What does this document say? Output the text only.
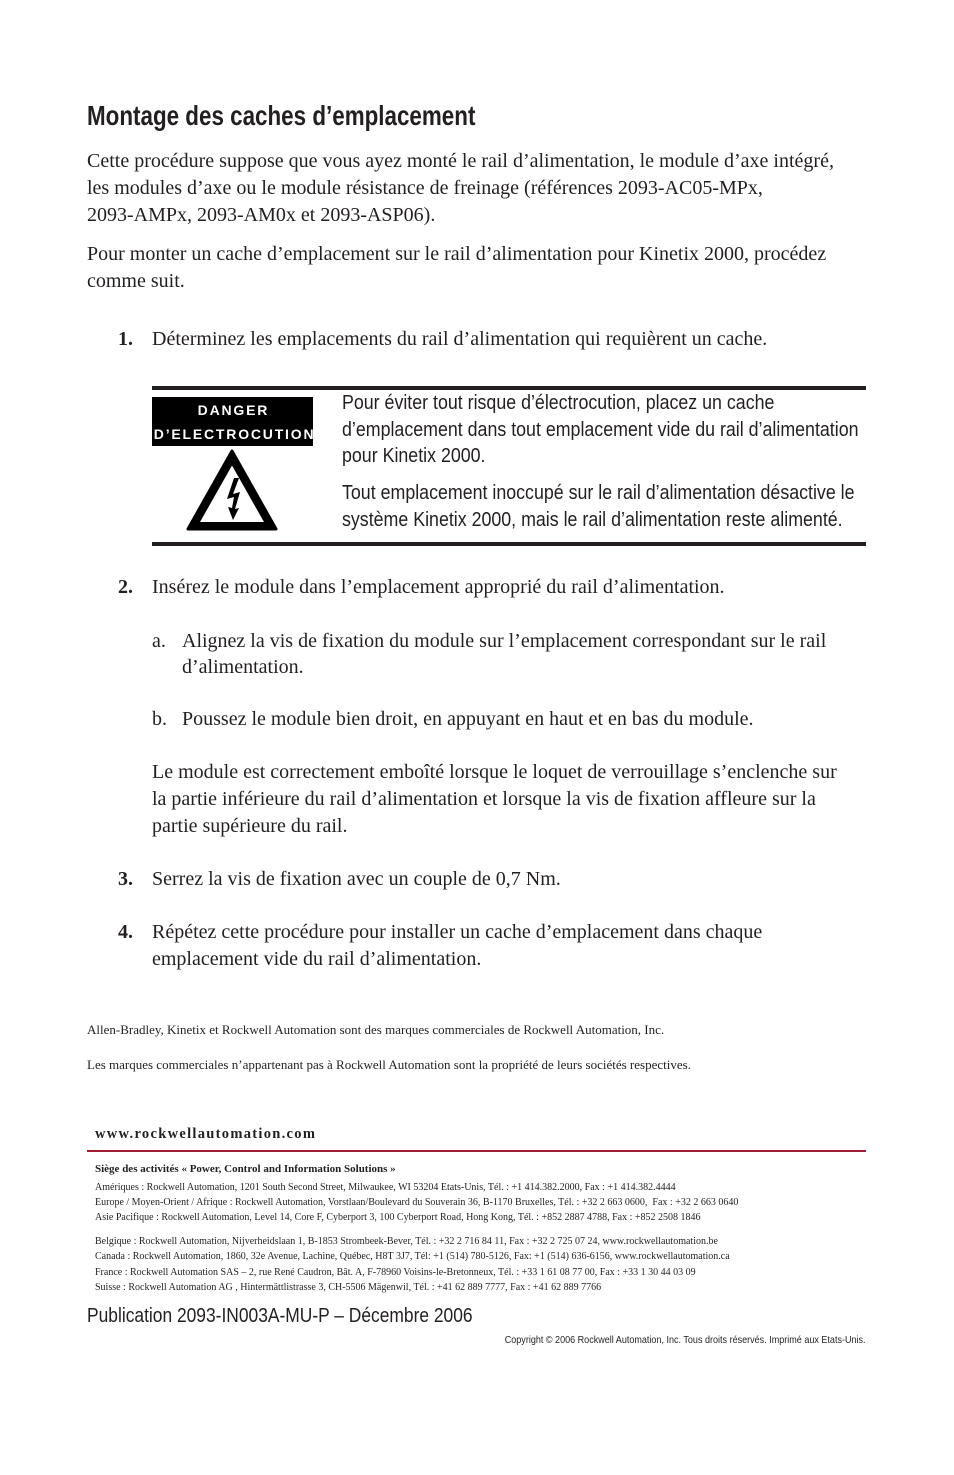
Montage des caches d’emplacement
Cette procédure suppose que vous ayez monté le rail d’alimentation, le module d’axe intégré,
les modules d’axe ou le module résistance de freinage (références 2093-AC05-MPx,
2093-AMPx, 2093-AM0x et 2093-ASP06).
Pour monter un cache d’emplacement sur le rail d’alimentation pour Kinetix 2000, procédez
comme suit.
1. Déterminez les emplacements du rail d’alimentation qui requièrent un cache.
DANGER
D’ELECTROCUTION
Pour éviter tout risque d’électrocution, placez un cache
d’emplacement dans tout emplacement vide du rail d’alimentation
pour Kinetix 2000.
Tout emplacement inoccupé sur le rail d’alimentation désactive le
système Kinetix 2000, mais le rail d’alimentation reste alimenté.
2. Insérez le module dans l’emplacement approprié du rail d’alimentation.
a. Alignez la vis de fixation du module sur l’emplacement correspondant sur le rail
d’alimentation.
b. Poussez le module bien droit, en appuyant en haut et en bas du module.
Le module est correctement emboîté lorsque le loquet de verrouillage s’enclenche sur
la partie inférieure du rail d’alimentation et lorsque la vis de fixation affleure sur la
partie supérieure du rail.
3. Serrez la vis de fixation avec un couple de 0,7 Nm.
4. Répétez cette procédure pour installer un cache d’emplacement dans chaque
emplacement vide du rail d’alimentation.
Allen-Bradley, Kinetix et Rockwell Automation sont des marques commerciales de Rockwell Automation, Inc.
Les marques commerciales n’appartenant pas à Rockwell Automation sont la propriété de leurs sociétés respectives.
www.rockwellautomation.com
Siège des activités « Power, Control and Information Solutions »
Amériques : Rockwell Automation, 1201 South Second Street, Milwaukee, WI 53204 Etats-Unis, Tél. : +1 414.382.2000, Fax : +1 414.382.4444
Europe / Moyen-Orient / Afrique : Rockwell Automation, Vorstlaan/Boulevard du Souverain 36, B-1170 Bruxelles, Tél. : +32 2 663 0600,  Fax : +32 2 663 0640
Asie Pacifique : Rockwell Automation, Level 14, Core F, Cyberport 3, 100 Cyberport Road, Hong Kong, Tél. : +852 2887 4788, Fax : +852 2508 1846
Belgique : Rockwell Automation, Nijverheidslaan 1, B-1853 Strombeek-Bever, Tél. : +32 2 716 84 11, Fax : +32 2 725 07 24, www.rockwellautomation.be
Canada : Rockwell Automation, 1860, 32e Avenue, Lachine, Québec, H8T 3J7, Tél: +1 (514) 780-5126, Fax: +1 (514) 636-6156, www.rockwellautomation.ca
France : Rockwell Automation SAS – 2, rue René Caudron, Bât. A, F-78960 Voisins-le-Bretonneux, Tél. : +33 1 61 08 77 00, Fax : +33 1 30 44 03 09
Suisse : Rockwell Automation AG , Hintermättlistrasse 3, CH-5506 Mägenwil, Tél. : +41 62 889 7777, Fax : +41 62 889 7766
Publication 2093-IN003A-MU-P – Décembre 2006
Copyright © 2006 Rockwell Automation, Inc. Tous droits réservés. Imprimé aux Etats-Unis.
